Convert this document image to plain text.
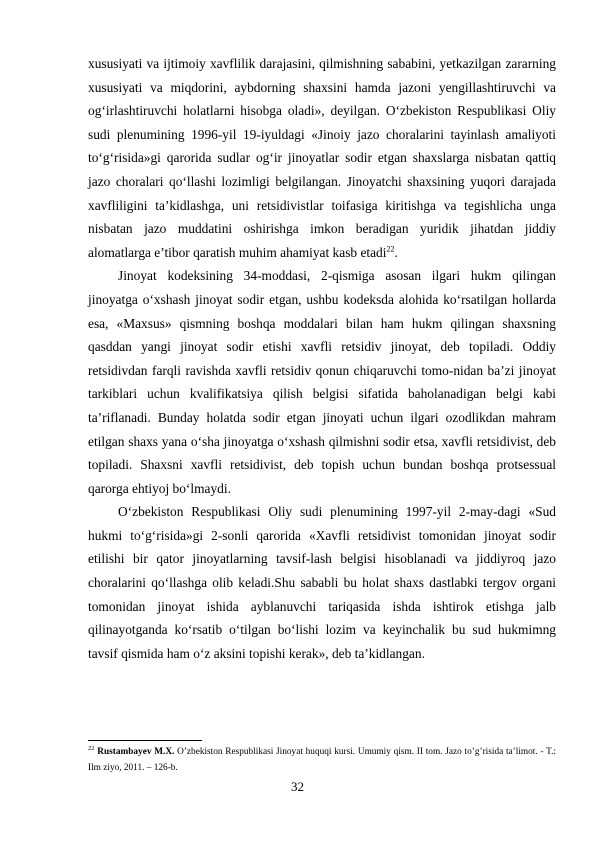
xususiyati va ijtimoiy xavflilik darajasini, qilmishning sababini, yetkazilgan zararning xususiyati va miqdorini, aybdorning shaxsini hamda jazoni yengillashtiruvchi va og‘irlashtiruvchi holatlarni hisobga oladi», deyilgan. O‘zbekiston Respublikasi Oliy sudi plenumining 1996-yil 19-iyuldagi «Jinoiy jazo choralarini tayinlash amaliyoti to‘g‘risida»gi qarorida sudlar og‘ir jinoyatlar sodir etgan shaxslarga nisbatan qattiq jazo choralari qo‘llashi lozimligi belgilangan. Jinoyatchi shaxsining yuqori darajada xavfliligini ta’kidlashga, uni retsidivistlar toifasiga kiritishga va tegishlicha unga nisbatan jazo muddatini oshirishga imkon beradigan yuridik jihatdan jiddiy alomatlarga e’tibor qaratish muhim ahamiyat kasb etadi$^{22}$.

Jinoyat kodeksining 34-moddasi, 2-qismiga asosan ilgari hukm qilingan jinoyatga o‘xshash jinoyat sodir etgan, ushbu kodeksda alohida ko‘rsatilgan hollarda esa, «Maxsus» qismning boshqa moddalari bilan ham hukm qilingan shaxsning qasddan yangi jinoyat sodir etishi xavfli retsidiv jinoyat, deb topiladi. Oddiy retsidivdan farqli ravishda xavfli retsidiv qonun chiqaruvchi tomo-nidan ba’zi jinoyat tarkiblari uchun kvalifikatsiya qilish belgisi sifatida baholanadigan belgi kabi ta’riflanadi. Bunday holatda sodir etgan jinoyati uchun ilgari ozodlikdan mahram etilgan shaxs yana o‘sha jinoyatga o‘xshash qilmishni sodir etsa, xavfli retsidivist, deb topiladi. Shaxsni xavfli retsidivist, deb topish uchun bundan boshqa protsessual qarorga ehtiyoj bo‘lmaydi.

O‘zbekiston Respublikasi Oliy sudi plenumining 1997-yil 2-may-dagi «Sud hukmi to‘g‘risida»gi 2-sonli qarorida «Xavfli retsidivist tomonidan jinoyat sodir etilishi bir qator jinoyatlarning tavsif-lash belgisi hisoblanadi va jiddiyroq jazo choralarini qo‘llashga olib keladi.Shu sababli bu holat shaxs dastlabki tergov organi tomonidan jinoyat ishida ayblanuvchi tariqasida ishda ishtirok etishga jalb qilinayotganda ko‘rsatib o‘tilgan bo‘lishi lozim va keyinchalik bu sud hukmimng tavsif qismida ham o‘z aksini topishi kerak», deb ta’kidlangan.

$^{22}$ Rustambayev M.X. O’zbekiston Respublikasi Jinoyat huquqi kursi. Umumiy qism. II tom. Jazo to’g’risida ta’limot. - T.: Ilm ziyo, 2011. – 126-b.

32
